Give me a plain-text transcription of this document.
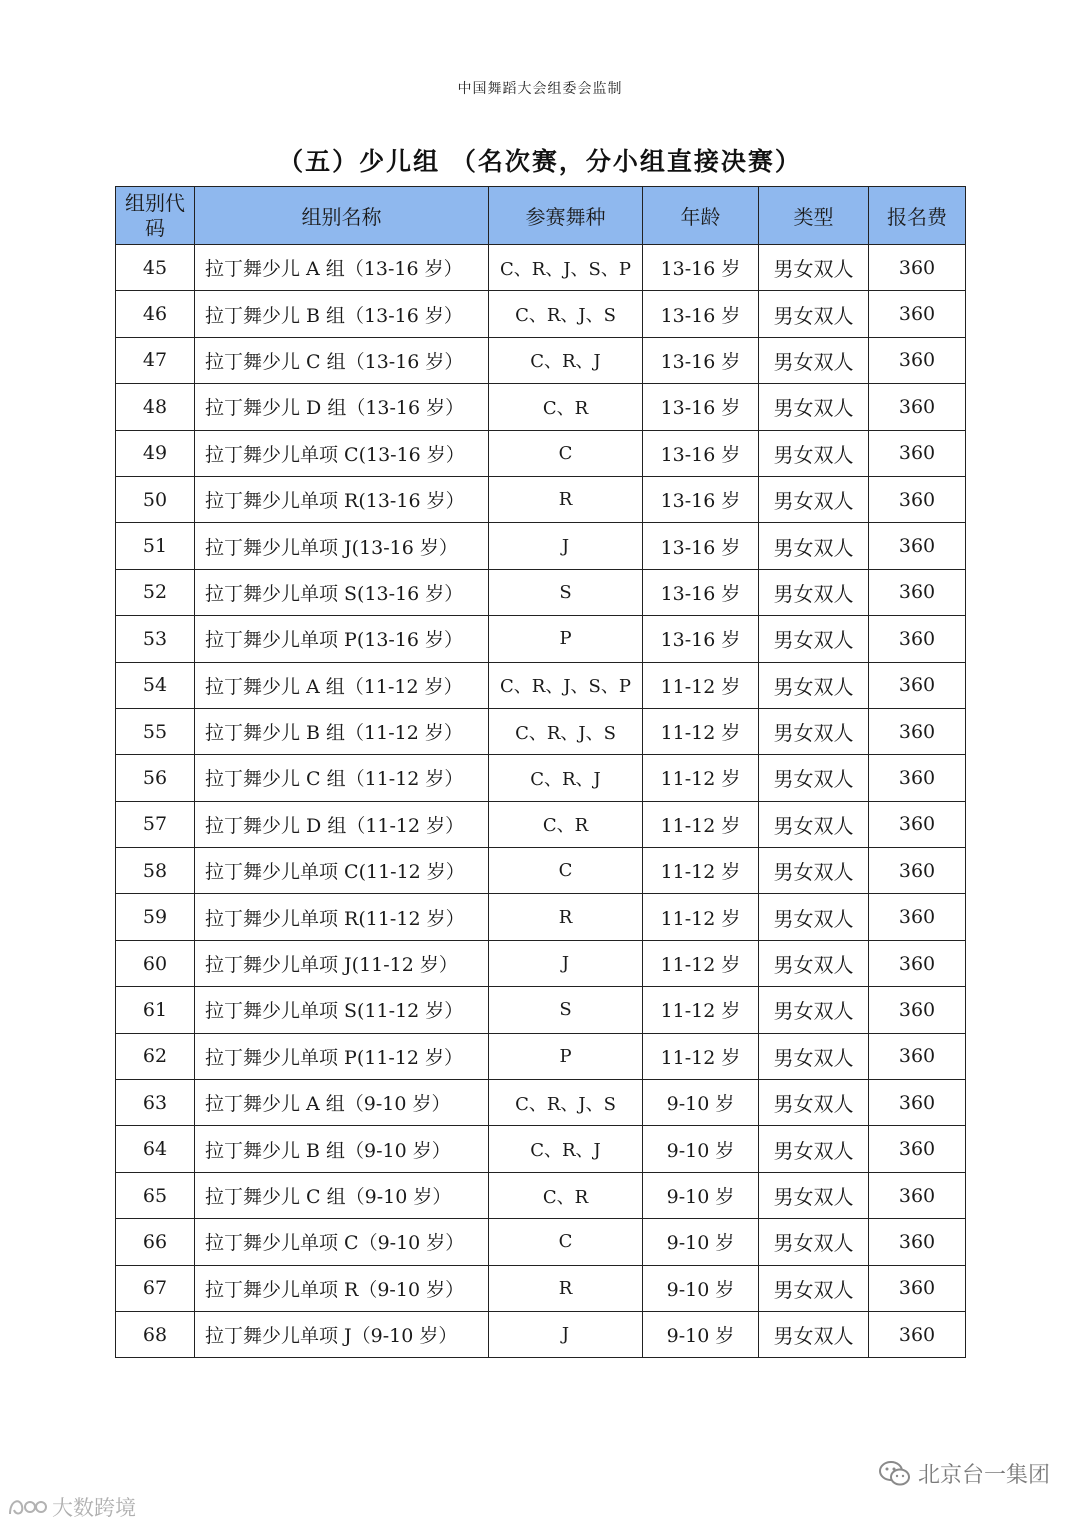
中国舞蹈大会组委会监制
（五）少儿组 （名次赛，分小组直接决赛）
组别代码	组别名称	参赛舞种	年龄	类型	报名费
45	拉丁舞少儿 A 组（13-16 岁）	C、R、J、S、P	13-16 岁	男女双人	360
46	拉丁舞少儿 B 组（13-16 岁）	C、R、J、S	13-16 岁	男女双人	360
47	拉丁舞少儿 C 组（13-16 岁）	C、R、J	13-16 岁	男女双人	360
48	拉丁舞少儿 D 组（13-16 岁）	C、R	13-16 岁	男女双人	360
49	拉丁舞少儿单项 C(13-16 岁）	C	13-16 岁	男女双人	360
50	拉丁舞少儿单项 R(13-16 岁）	R	13-16 岁	男女双人	360
51	拉丁舞少儿单项 J(13-16 岁）	J	13-16 岁	男女双人	360
52	拉丁舞少儿单项 S(13-16 岁）	S	13-16 岁	男女双人	360
53	拉丁舞少儿单项 P(13-16 岁）	P	13-16 岁	男女双人	360
54	拉丁舞少儿 A 组（11-12 岁）	C、R、J、S、P	11-12 岁	男女双人	360
55	拉丁舞少儿 B 组（11-12 岁）	C、R、J、S	11-12 岁	男女双人	360
56	拉丁舞少儿 C 组（11-12 岁）	C、R、J	11-12 岁	男女双人	360
57	拉丁舞少儿 D 组（11-12 岁）	C、R	11-12 岁	男女双人	360
58	拉丁舞少儿单项 C(11-12 岁）	C	11-12 岁	男女双人	360
59	拉丁舞少儿单项 R(11-12 岁）	R	11-12 岁	男女双人	360
60	拉丁舞少儿单项 J(11-12 岁）	J	11-12 岁	男女双人	360
61	拉丁舞少儿单项 S(11-12 岁）	S	11-12 岁	男女双人	360
62	拉丁舞少儿单项 P(11-12 岁）	P	11-12 岁	男女双人	360
63	拉丁舞少儿 A 组（9-10 岁）	C、R、J、S	9-10 岁	男女双人	360
64	拉丁舞少儿 B 组（9-10 岁）	C、R、J	9-10 岁	男女双人	360
65	拉丁舞少儿 C 组（9-10 岁）	C、R	9-10 岁	男女双人	360
66	拉丁舞少儿单项 C（9-10 岁）	C	9-10 岁	男女双人	360
67	拉丁舞少儿单项 R（9-10 岁）	R	9-10 岁	男女双人	360
68	拉丁舞少儿单项 J（9-10 岁）	J	9-10 岁	男女双人	360
北京台一集团
大数跨境
